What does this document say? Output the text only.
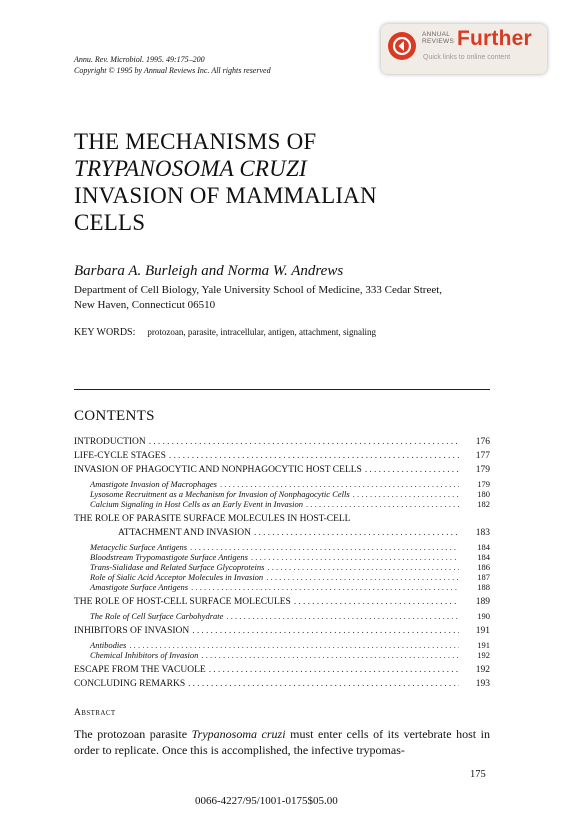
Annu. Rev. Microbiol. 1995. 49:175–200
Copyright © 1995 by Annual Reviews Inc. All rights reserved
ANNUAL
REVIEWS Further
Quick links to online content
THE MECHANISMS OF
TRYPANOSOMA CRUZI
INVASION OF MAMMALIAN
CELLS
Barbara A. Burleigh and Norma W. Andrews
Department of Cell Biology, Yale University School of Medicine, 333 Cedar Street,
New Haven, Connecticut 06510
KEY WORDS: protozoan, parasite, intracellular, antigen, attachment, signaling
CONTENTS
INTRODUCTION .....	176
LIFE-CYCLE STAGES .....	177
INVASION OF PHAGOCYTIC AND NONPHAGOCYTIC HOST CELLS .....	179
Amastigote Invasion of Macrophages .....	179
Lysosome Recruitment as a Mechanism for Invasion of Nonphagocytic Cells .....	180
Calcium Signaling in Host Cells as an Early Event in Invasion .....	182
THE ROLE OF PARASITE SURFACE MOLECULES IN HOST-CELL
ATTACHMENT AND INVASION .....	183
Metacyclic Surface Antigens .....	184
Bloodstream Trypomastigote Surface Antigens .....	184
Trans-Sialidase and Related Surface Glycoproteins .....	186
Role of Sialic Acid Acceptor Molecules in Invasion .....	187
Amastigote Surface Antigens .....	188
THE ROLE OF HOST-CELL SURFACE MOLECULES .....	189
The Role of Cell Surface Carbohydrate .....	190
INHIBITORS OF INVASION .....	191
Antibodies .....	191
Chemical Inhibitors of Invasion .....	192
ESCAPE FROM THE VACUOLE .....	192
CONCLUDING REMARKS .....	193
Abstract
The protozoan parasite Trypanosoma cruzi must enter cells of its vertebrate host in order to replicate. Once this is accomplished, the infective trypomas-
175
0066-4227/95/1001-0175$05.00
